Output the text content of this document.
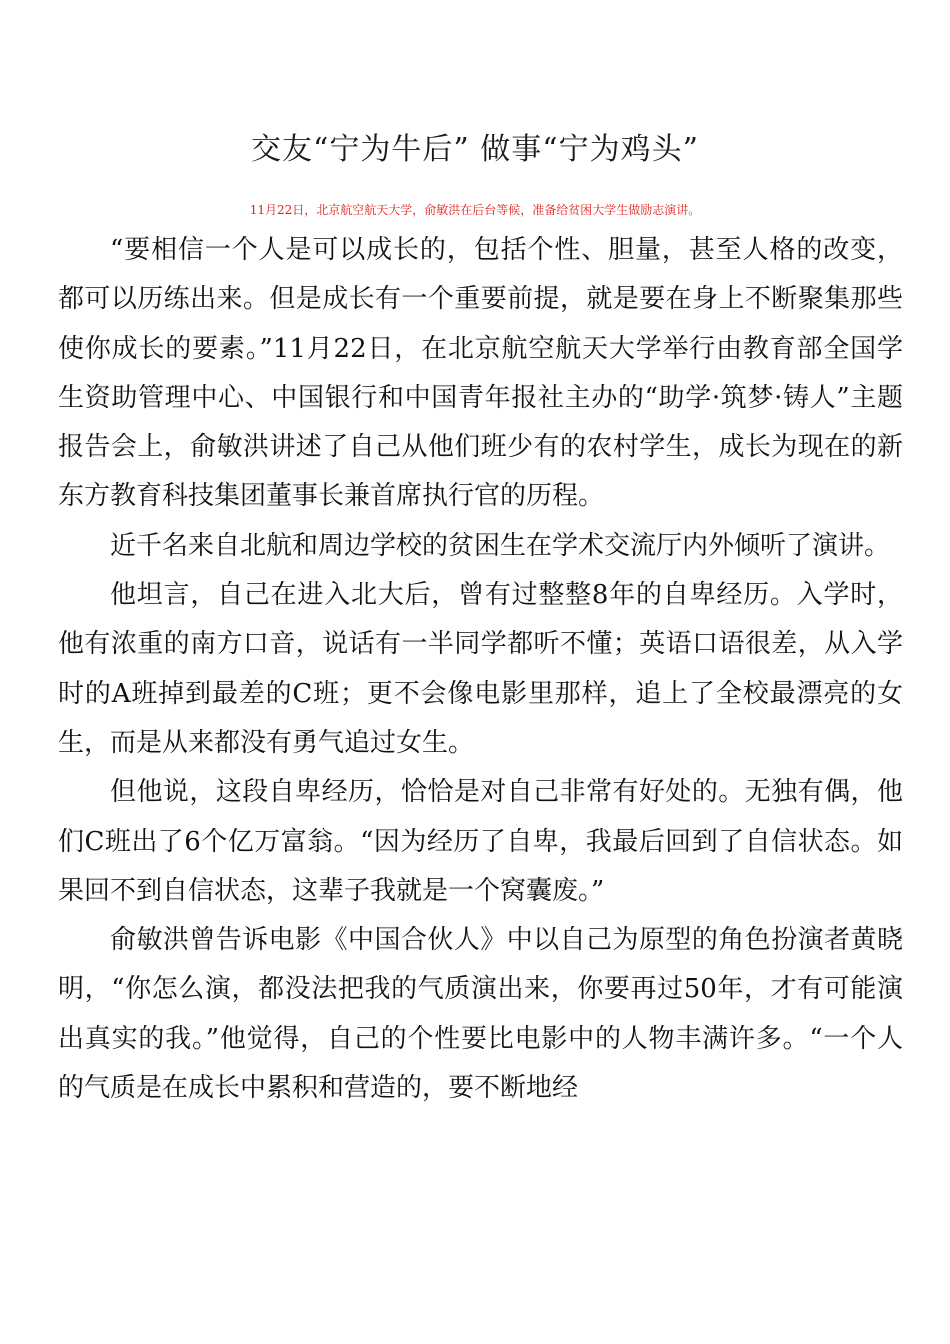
交友“宁为牛后” 做事“宁为鸡头”
11月22日，北京航空航天大学，俞敏洪在后台等候，准备给贫困大学生做励志演讲。

“要相信一个人是可以成长的，包括个性、胆量，甚至人格的改变，都可以历练出来。但是成长有一个重要前提，就是要在身上不断聚集那些使你成长的要素。”11月22日，在北京航空航天大学举行由教育部全国学生资助管理中心、中国银行和中国青年报社主办的“助学·筑梦·铸人”主题报告会上，俞敏洪讲述了自己从他们班少有的农村学生，成长为现在的新东方教育科技集团董事长兼首席执行官的历程。

近千名来自北航和周边学校的贫困生在学术交流厅内外倾听了演讲。

他坦言，自己在进入北大后，曾有过整整8年的自卑经历。入学时，他有浓重的南方口音，说话有一半同学都听不懂；英语口语很差，从入学时的A班掉到最差的C班；更不会像电影里那样，追上了全校最漂亮的女生，而是从来都没有勇气追过女生。

但他说，这段自卑经历，恰恰是对自己非常有好处的。无独有偶，他们C班出了6个亿万富翁。“因为经历了自卑，我最后回到了自信状态。如果回不到自信状态，这辈子我就是一个窝囊废。”

俞敏洪曾告诉电影《中国合伙人》中以自己为原型的角色扮演者黄晓明，“你怎么演，都没法把我的气质演出来，你要再过50年，才有可能演出真实的我。”他觉得，自己的个性要比电影中的人物丰满许多。“一个人的气质是在成长中累积和营造的，要不断地经
